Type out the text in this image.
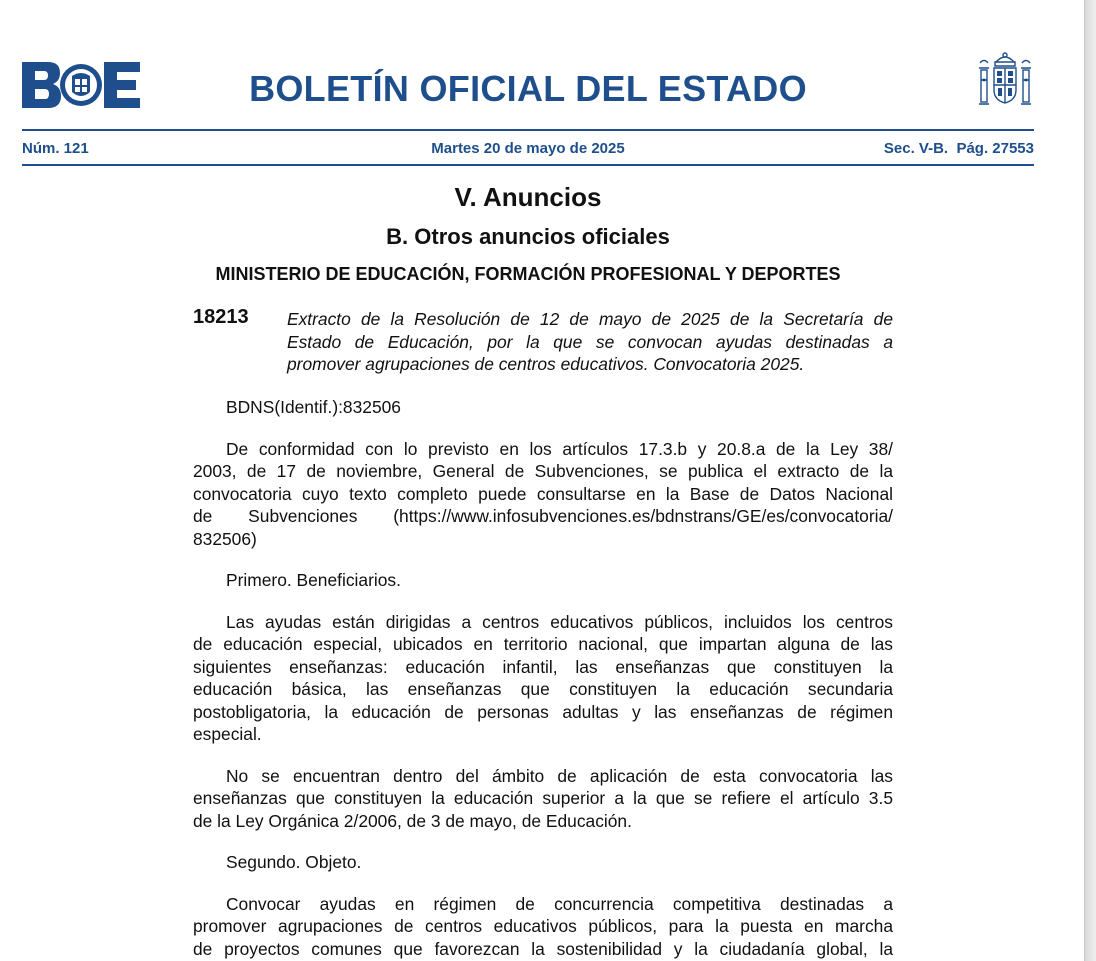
BOLETÍN OFICIAL DEL ESTADO
Núm. 121	Martes 20 de mayo de 2025	Sec. V-B.  Pág. 27553
V. Anuncios
B. Otros anuncios oficiales
MINISTERIO DE EDUCACIÓN, FORMACIÓN PROFESIONAL Y DEPORTES
18213 Extracto de la Resolución de 12 de mayo de 2025 de la Secretaría de
Estado de Educación, por la que se convocan ayudas destinadas a
promover agrupaciones de centros educativos. Convocatoria 2025.

BDNS(Identif.):832506

De conformidad con lo previsto en los artículos 17.3.b y 20.8.a de la Ley 38/
2003, de 17 de noviembre, General de Subvenciones, se publica el extracto de la
convocatoria cuyo texto completo puede consultarse en la Base de Datos Nacional
de Subvenciones (https://www.infosubvenciones.es/bdnstrans/GE/es/convocatoria/
832506)

Primero. Beneficiarios.

Las ayudas están dirigidas a centros educativos públicos, incluidos los centros
de educación especial, ubicados en territorio nacional, que impartan alguna de las
siguientes enseñanzas: educación infantil, las enseñanzas que constituyen la
educación básica, las enseñanzas que constituyen la educación secundaria
postobligatoria, la educación de personas adultas y las enseñanzas de régimen
especial.

No se encuentran dentro del ámbito de aplicación de esta convocatoria las
enseñanzas que constituyen la educación superior a la que se refiere el artículo 3.5
de la Ley Orgánica 2/2006, de 3 de mayo, de Educación.

Segundo. Objeto.

Convocar ayudas en régimen de concurrencia competitiva destinadas a
promover agrupaciones de centros educativos públicos, para la puesta en marcha
de proyectos comunes que favorezcan la sostenibilidad y la ciudadanía global, la
